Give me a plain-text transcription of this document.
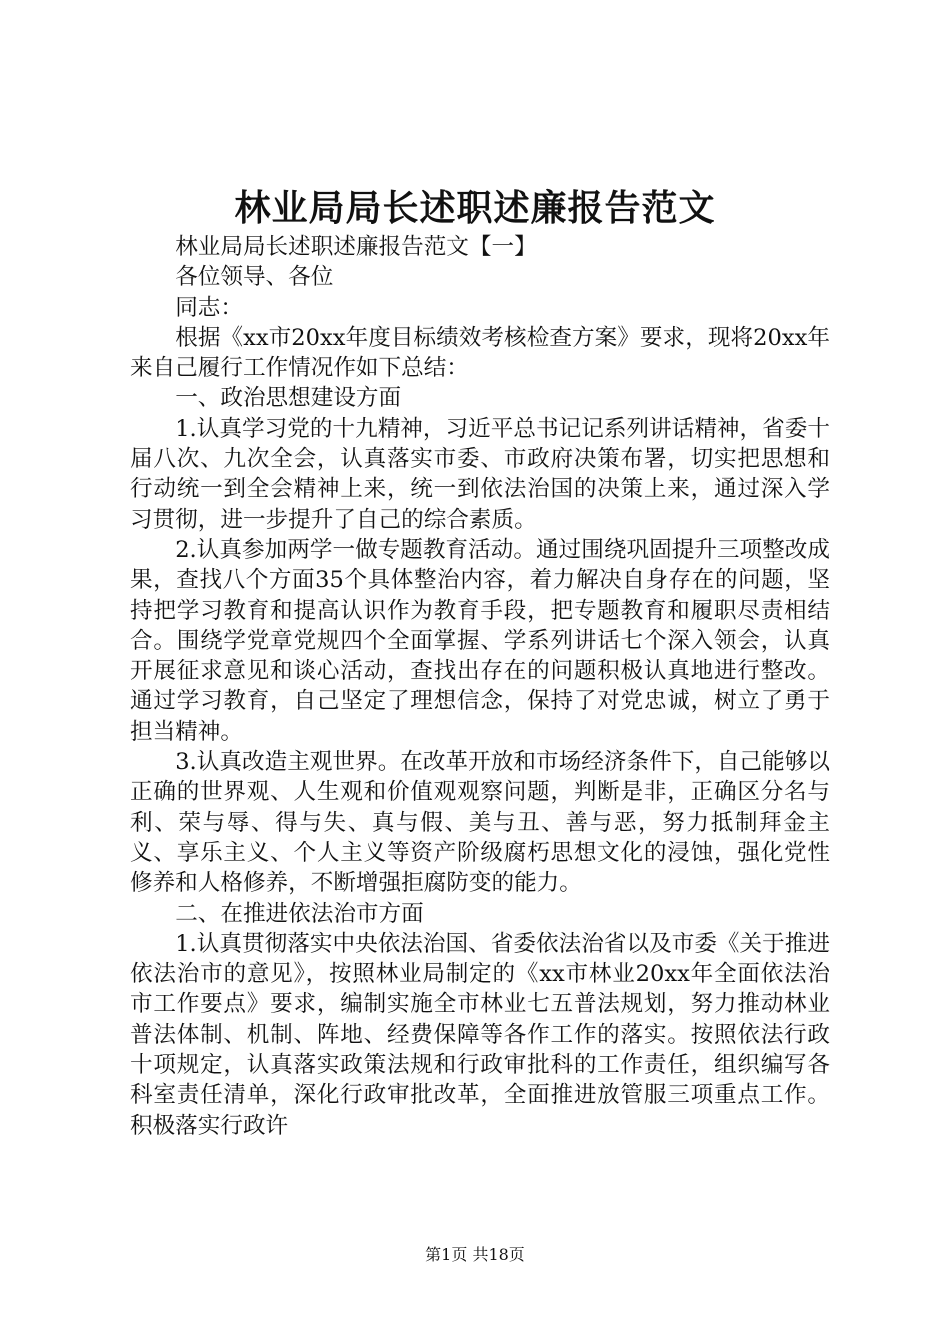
林业局局长述职述廉报告范文

林业局局长述职述廉报告范文【一】

各位领导、各位

同志：

根据《xx市20xx年度目标绩效考核检查方案》要求，现将20xx年来自己履行工作情况作如下总结：

一、政治思想建设方面

1.认真学习党的十九精神，习近平总书记记系列讲话精神，省委十届八次、九次全会，认真落实市委、市政府决策布署，切实把思想和行动统一到全会精神上来，统一到依法治国的决策上来，通过深入学习贯彻，进一步提升了自己的综合素质。

2.认真参加两学一做专题教育活动。通过围绕巩固提升三项整改成果，查找八个方面35个具体整治内容，着力解决自身存在的问题，坚持把学习教育和提高认识作为教育手段，把专题教育和履职尽责相结合。围绕学党章党规四个全面掌握、学系列讲话七个深入领会，认真开展征求意见和谈心活动，查找出存在的问题积极认真地进行整改。通过学习教育，自己坚定了理想信念，保持了对党忠诚，树立了勇于担当精神。

3.认真改造主观世界。在改革开放和市场经济条件下，自己能够以正确的世界观、人生观和价值观观察问题，判断是非，正确区分名与利、荣与辱、得与失、真与假、美与丑、善与恶，努力抵制拜金主义、享乐主义、个人主义等资产阶级腐朽思想文化的浸蚀，强化党性修养和人格修养，不断增强拒腐防变的能力。

二、在推进依法治市方面

1.认真贯彻落实中央依法治国、省委依法治省以及市委《关于推进依法治市的意见》，按照林业局制定的《xx市林业20xx年全面依法治市工作要点》要求，编制实施全市林业七五普法规划，努力推动林业普法体制、机制、阵地、经费保障等各作工作的落实。按照依法行政十项规定，认真落实政策法规和行政审批科的工作责任，组织编写各科室责任清单，深化行政审批改革，全面推进放管服三项重点工作。积极落实行政许

第1页 共18页
